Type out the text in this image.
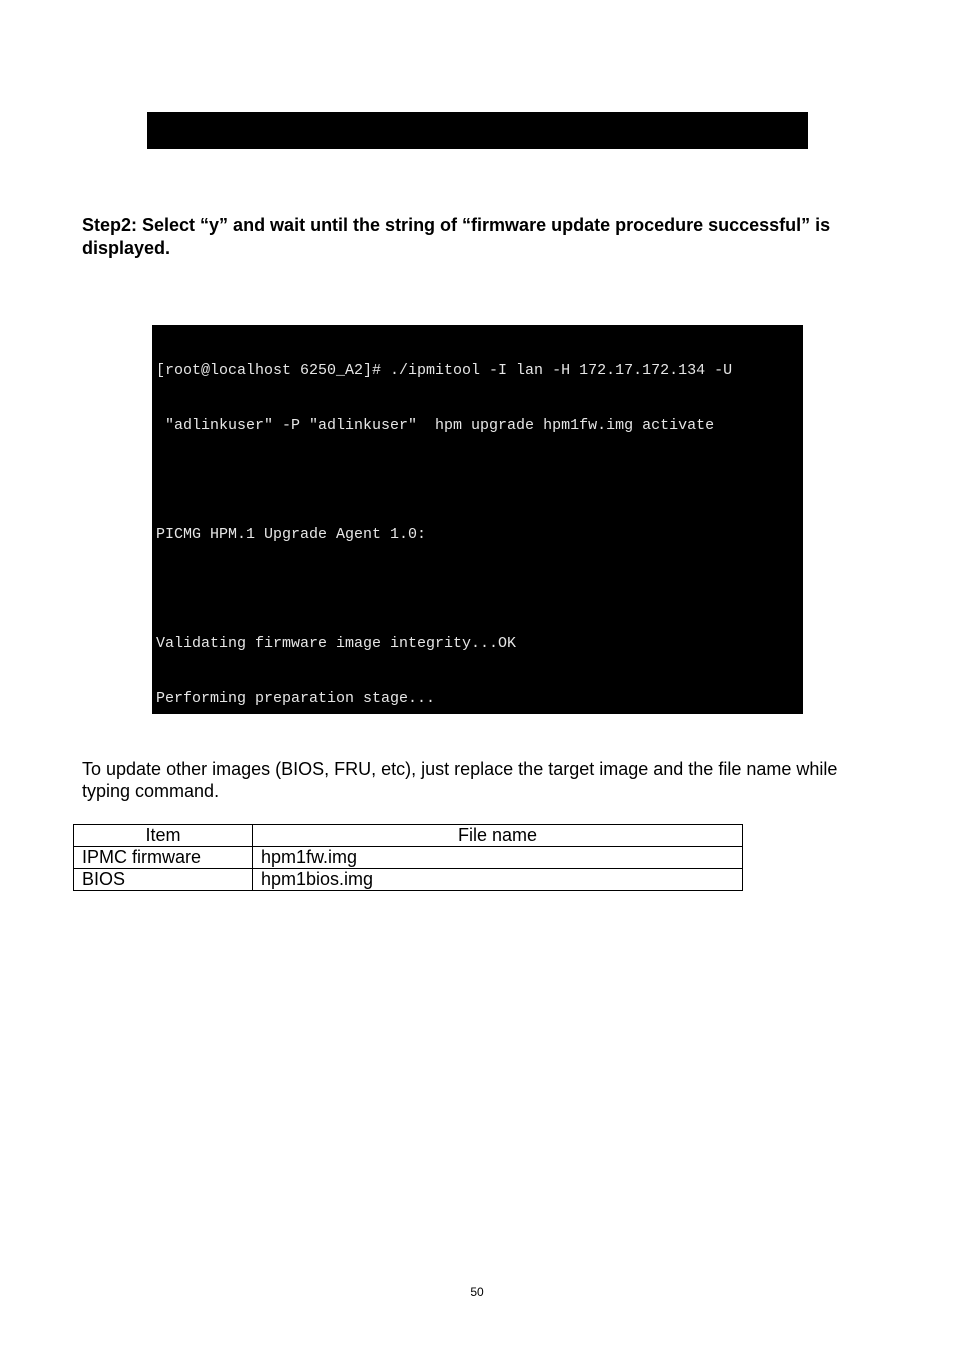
Step2: Select “y” and wait until the string of “firmware update procedure successful” is displayed.

[root@localhost 6250_A2]# ./ipmitool -I lan -H 172.17.172.134 -U

"adlinkuser" -P "adlinkuser"  hpm upgrade hpm1fw.img activate

PICMG HPM.1 Upgrade Agent 1.0:

Validating firmware image integrity...OK

Performing preparation stage...

To update other images (BIOS, FRU, etc), just replace the target image and the file name while typing command.
Item	File name
IPMC firmware	hpm1fw.img
BIOS	hpm1bios.img
50
